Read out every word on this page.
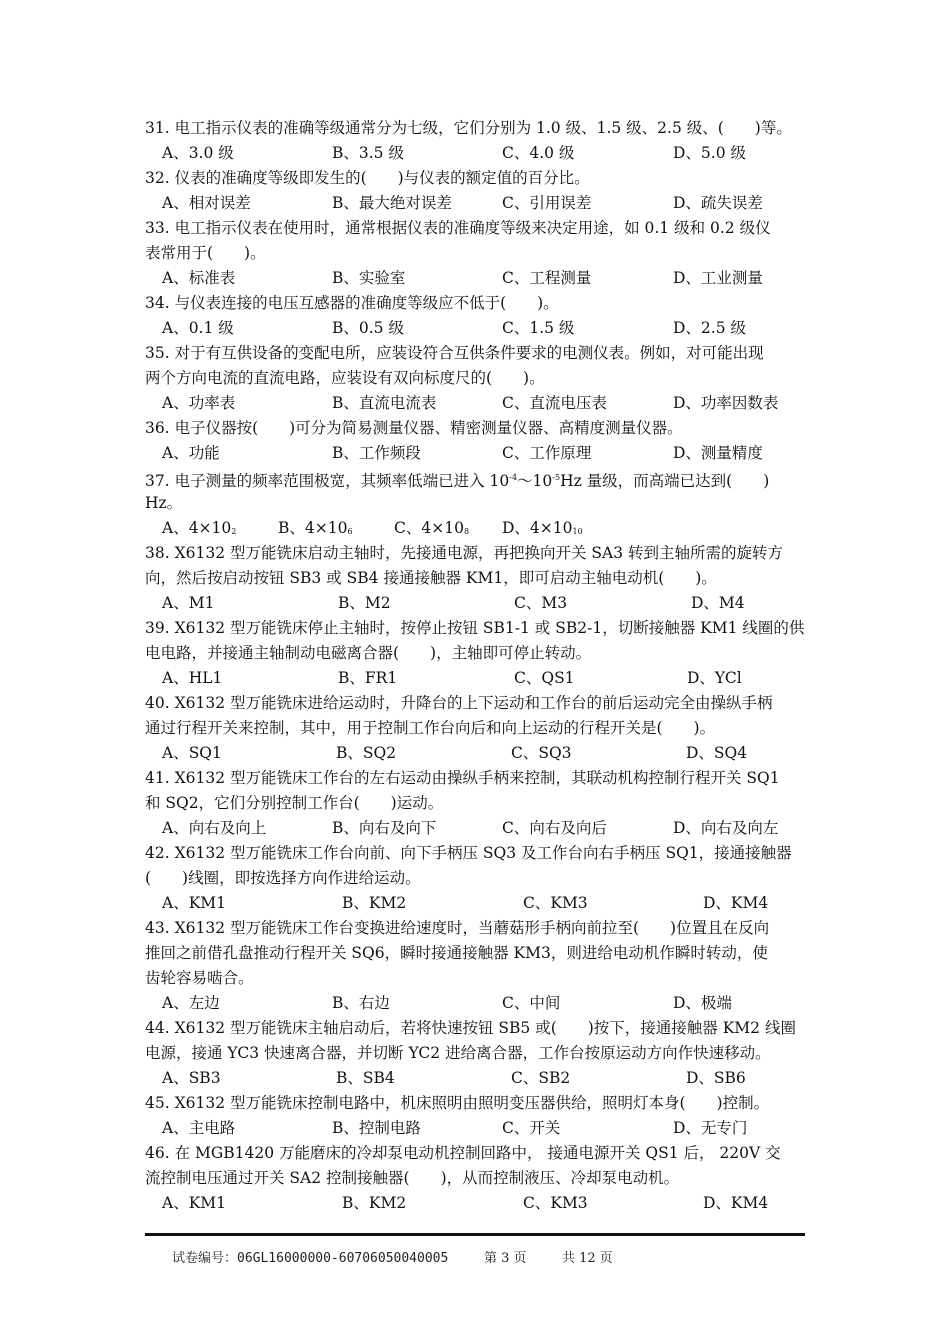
31. 电工指示仪表的准确等级通常分为七级，它们分别为 1.0 级、1.5 级、2.5 级、(　　)等。
A、3.0 级	B、3.5 级	C、4.0 级	D、5.0 级
32. 仪表的准确度等级即发生的(　　)与仪表的额定值的百分比。
A、相对误差	B、最大绝对误差	C、引用误差	D、疏失误差
33. 电工指示仪表在使用时，通常根据仪表的准确度等级来决定用途，如 0.1 级和 0.2 级仪
表常用于(　　)。
A、标准表	B、实验室	C、工程测量	D、工业测量
34. 与仪表连接的电压互感器的准确度等级应不低于(　　)。
A、0.1 级	B、0.5 级	C、1.5 级	D、2.5 级
35. 对于有互供设备的变配电所，应装设符合互供条件要求的电测仪表。例如，对可能出现
两个方向电流的直流电路，应装设有双向标度尺的(　　)。
A、功率表	B、直流电流表	C、直流电压表	D、功率因数表
36. 电子仪器按(　　)可分为简易测量仪器、精密测量仪器、高精度测量仪器。
A、功能	B、工作频段	C、工作原理	D、测量精度
37. 电子测量的频率范围极宽，其频率低端已进入 $10^{-4}\sim 10^{-5}Hz$ 量级，而高端已达到(　　)
Hz。
A、$4\times 10_2$	B、$4\times 10_6$	C、$4\times 10_8$ D、$4\times 10_{10}$
38. X6132 型万能铣床启动主轴时，先接通电源，再把换向开关 SA3 转到主轴所需的旋转方
向，然后按启动按钮 SB3 或 SB4 接通接触器 KM1，即可启动主轴电动机(　　)。
A、M1	B、M2	C、M3	D、M4
39. X6132 型万能铣床停止主轴时，按停止按钮 SB1-1 或 SB2-1，切断接触器 KM1 线圈的供
电电路，并接通主轴制动电磁离合器(　　)，主轴即可停止转动。
A、HL1	B、FR1	C、QS1	D、YCl
40. X6132 型万能铣床进给运动时，升降台的上下运动和工作台的前后运动完全由操纵手柄
通过行程开关来控制，其中，用于控制工作台向后和向上运动的行程开关是(　　)。
A、SQ1	B、SQ2	C、SQ3	D、SQ4
41. X6132 型万能铣床工作台的左右运动由操纵手柄来控制，其联动机构控制行程开关 SQ1
和 SQ2，它们分别控制工作台(　　)运动。
A、向右及向上	B、向右及向下	C、向右及向后	D、向右及向左
42. X6132 型万能铣床工作台向前、向下手柄压 SQ3 及工作台向右手柄压 SQ1，接通接触器
(　　)线圈，即按选择方向作进给运动。
A、KM1	B、KM2	C、KM3	D、KM4
43. X6132 型万能铣床工作台变换进给速度时，当蘑菇形手柄向前拉至(　　)位置且在反向
推回之前借孔盘推动行程开关 SQ6，瞬时接通接触器 KM3，则进给电动机作瞬时转动，使
齿轮容易啮合。
A、左边	B、右边	C、中间	D、极端
44. X6132 型万能铣床主轴启动后，若将快速按钮 SB5 或(　　)按下，接通接触器 KM2 线圈
电源，接通 YC3 快速离合器，并切断 YC2 进给离合器，工作台按原运动方向作快速移动。
A、SB3	B、SB4	C、SB2	D、SB6
45. X6132 型万能铣床控制电路中，机床照明由照明变压器供给，照明灯本身(　　)控制。
A、主电路	B、控制电路	C、开关	D、无专门
46. 在 MGB1420 万能磨床的冷却泵电动机控制回路中， 接通电源开关 QS1 后， 220V 交
流控制电压通过开关 SA2 控制接触器(　　)，从而控制液压、冷却泵电动机。
A、KM1	B、KM2	C、KM3	D、KM4
试卷编号：06GL16000000-60706050040005	第 3 页	共 12 页
